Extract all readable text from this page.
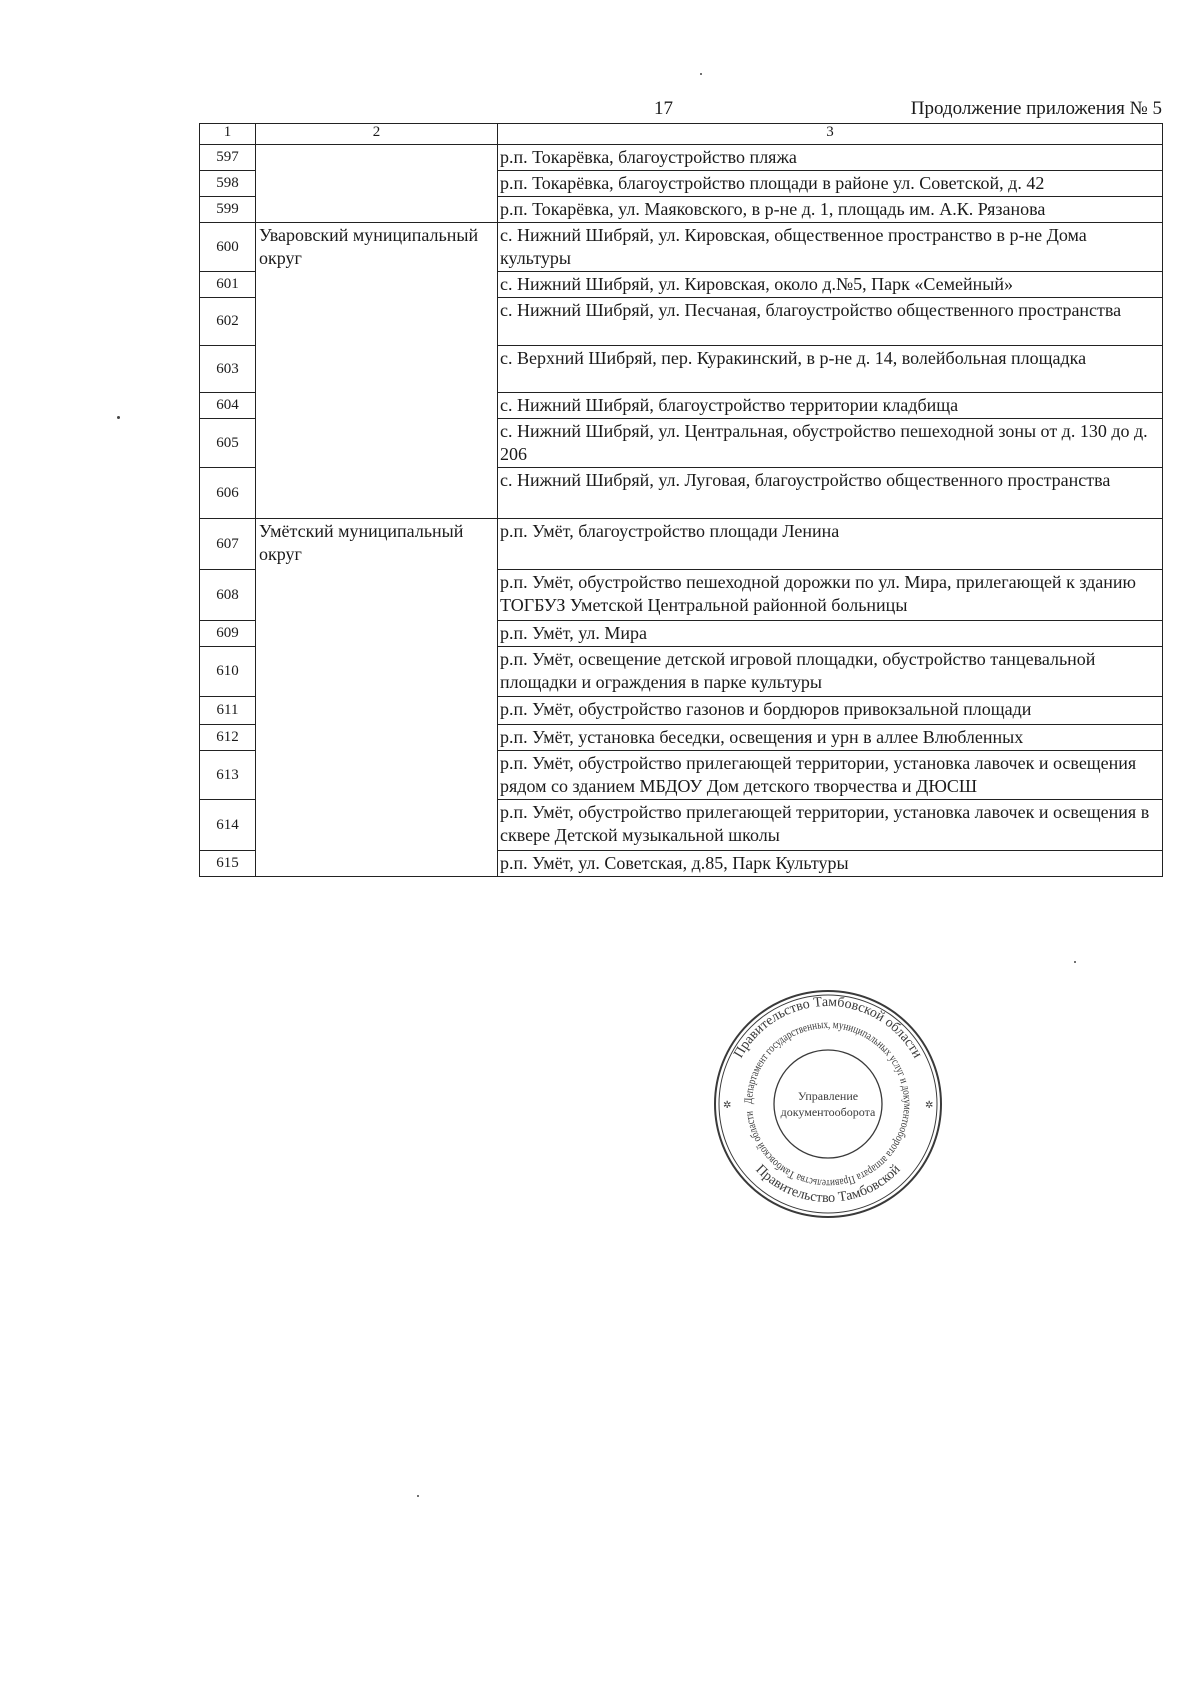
17	Продолжение приложения № 5
1	2	3
597		р.п. Токарёвка, благоустройство пляжа
598		р.п. Токарёвка, благоустройство площади в районе ул. Советской, д. 42
599		р.п. Токарёвка, ул. Маяковского, в р-не д. 1, площадь им. А.К. Рязанова
600	Уваровский муниципальный округ	с. Нижний Шибряй, ул. Кировская, общественное пространство в р-не Дома культуры
601		с. Нижний Шибряй, ул. Кировская, около д.№5, Парк «Семейный»
602		с. Нижний Шибряй, ул. Песчаная, благоустройство общественного пространства
603		с. Верхний Шибряй, пер. Куракинский, в р-не д. 14, волейбольная площадка
604		с. Нижний Шибряй, благоустройство территории кладбища
605		с. Нижний Шибряй, ул. Центральная, обустройство пешеходной зоны от д. 130 до д. 206
606		с. Нижний Шибряй, ул. Луговая, благоустройство общественного пространства
607	Умётский муниципальный округ	р.п. Умёт, благоустройство площади Ленина
608		р.п. Умёт, обустройство пешеходной дорожки по ул. Мира, прилегающей к зданию ТОГБУЗ Уметской Центральной районной больницы
609		р.п. Умёт, ул. Мира
610		р.п. Умёт, освещение детской игровой площадки, обустройство танцевальной площадки и ограждения в парке культуры
611		р.п. Умёт, обустройство газонов и бордюров привокзальной площади
612		р.п. Умёт, установка беседки, освещения и урн в аллее Влюбленных
613		р.п. Умёт, обустройство прилегающей территории, установка лавочек и освещения рядом со зданием МБДОУ Дом детского творчества и ДЮСШ
614		р.п. Умёт, обустройство прилегающей территории, установка лавочек и освещения в сквере Детской музыкальной школы
615		р.п. Умёт, ул. Советская, д.85, Парк Культуры
Правительство Тамбовской области
Правительство Тамбовской
Департамент государственных, муниципальных услуг и документооборота аппарата Правительства Тамбовской области
Управление
документооборота
✲	✲
